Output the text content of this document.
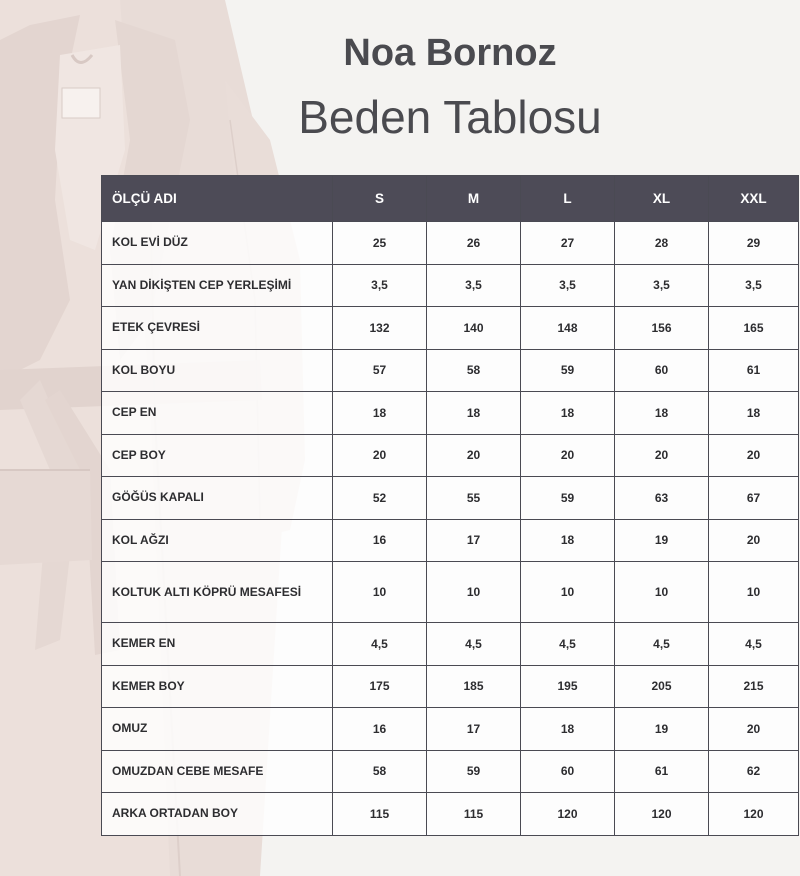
Noa Bornoz
Beden Tablosu
ÖLÇÜ ADI	S	M	L	XL	XXL
KOL EVİ DÜZ	25	26	27	28	29
YAN DİKİŞTEN CEP YERLEŞİMİ	3,5	3,5	3,5	3,5	3,5
ETEK ÇEVRESİ	132	140	148	156	165
KOL BOYU	57	58	59	60	61
CEP EN	18	18	18	18	18
CEP BOY	20	20	20	20	20
GÖĞÜS KAPALI	52	55	59	63	67
KOL AĞZI	16	17	18	19	20
KOLTUK ALTI KÖPRÜ MESAFESİ	10	10	10	10	10
KEMER EN	4,5	4,5	4,5	4,5	4,5
KEMER BOY	175	185	195	205	215
OMUZ	16	17	18	19	20
OMUZDAN CEBE MESAFE	58	59	60	61	62
ARKA ORTADAN BOY	115	115	120	120	120
